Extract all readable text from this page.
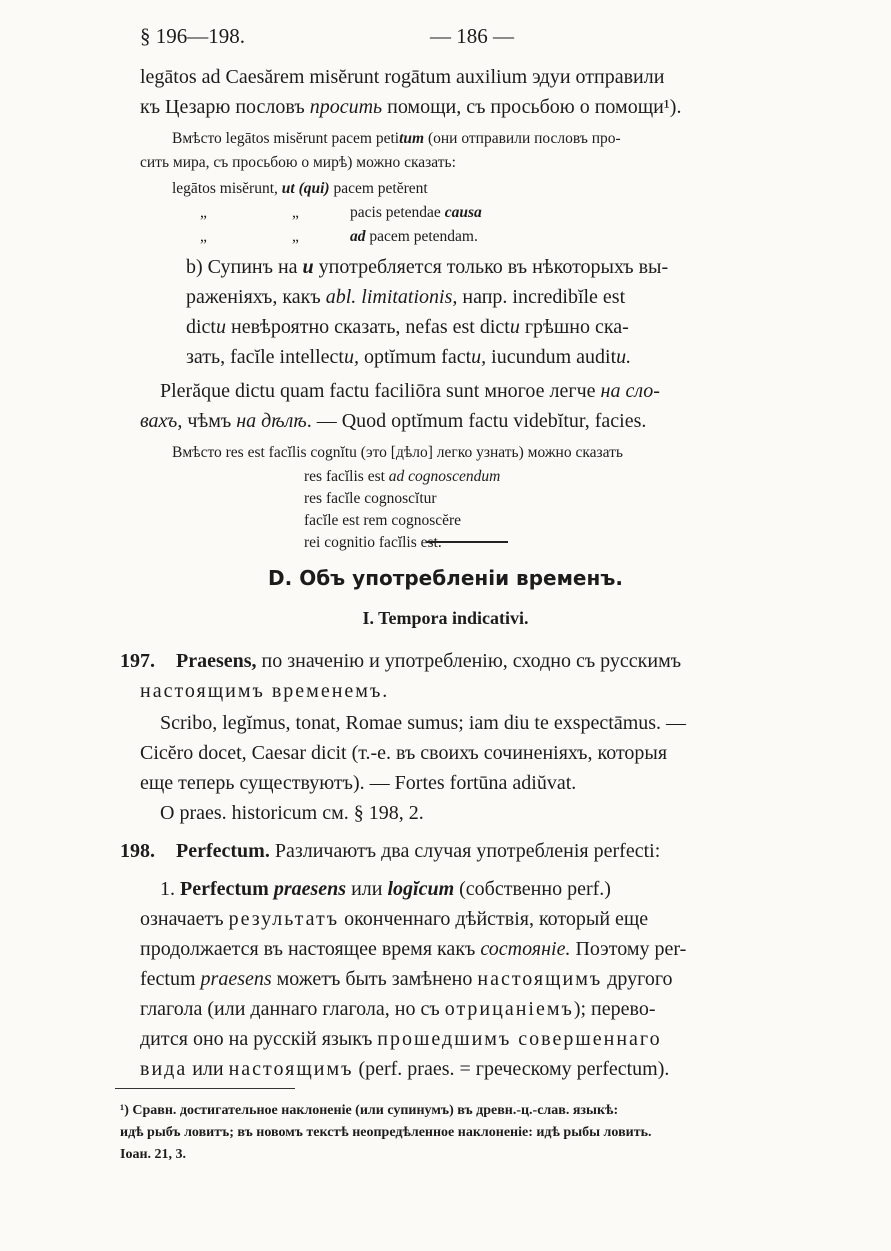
§ 196—198.	— 186 —
legātos ad Caesărem misĕrunt rogātum auxilium эдуи отправили
къ Цезарю пословъ просить помощи, съ просьбою о помощи¹).
Вмѣсто legātos misĕrunt pacem petitum (они отправили пословъ про-
сить мира, съ просьбою о мирѣ) можно сказать:
legātos misĕrunt, ut (qui) pacem petĕrent
„	„	pacis petendae causa
„	„	ad pacem petendam.
b) Супинъ на u употребляется только въ нѣкоторыхъ вы-
раженіяхъ, какъ abl. limitationis, напр. incredibĭle est
dictu невѣроятно сказать, nefas est dictu грѣшно ска-
зать, facĭle intellectu, optĭmum factu, iucundum auditu.
Plerăque dictu quam factu faciliōra sunt многое легче на сло-
вахъ, чѣмъ на дѣлѣ. — Quod optĭmum factu videbĭtur, facies.
Вмѣсто res est facĭlis cognĭtu (это [дѣло] легко узнать) можно сказать
res facĭlis est ad cognoscendum
res facĭle cognoscĭtur
facĭle est rem cognoscĕre
rei cognitio facĭlis est.
D. Объ употребленіи временъ.
I. Tempora indicativi.
197. Praesens, по значенію и употребленію, сходно съ русскимъ
настоящимъ временемъ.
Scribo, legĭmus, tonat, Romae sumus; iam diu te exspectāmus. —
Cicĕro docet, Caesar dicit (т.-е. въ своихъ сочиненіяхъ, которыя
еще теперь существуютъ). — Fortes fortūna adiŭvat.
О praes. historicum см. § 198, 2.
198. Perfectum. Различаютъ два случая употребленія perfecti:
1. Perfectum praesens или logĭcum (собственно perf.)
означаетъ результатъ оконченнаго дѣйствія, который еще
продолжается въ настоящее время какъ состояніе. Поэтому per-
fectum praesens можетъ быть замѣнено настоящимъ другого
глагола (или даннаго глагола, но съ отрицаніемъ); перево-
дится оно на русскій языкъ прошедшимъ совершеннаго
вида или настоящимъ (perf. praes. = греческому perfectum).
¹) Сравн. достигательное наклоненіе (или супинумъ) въ древн.-ц.-слав. языкѣ:
идѣ рыбъ ловитъ; въ новомъ текстѣ неопредѣленное наклоненіе: идѣ рыбы ловить.
Іоан. 21, 3.
